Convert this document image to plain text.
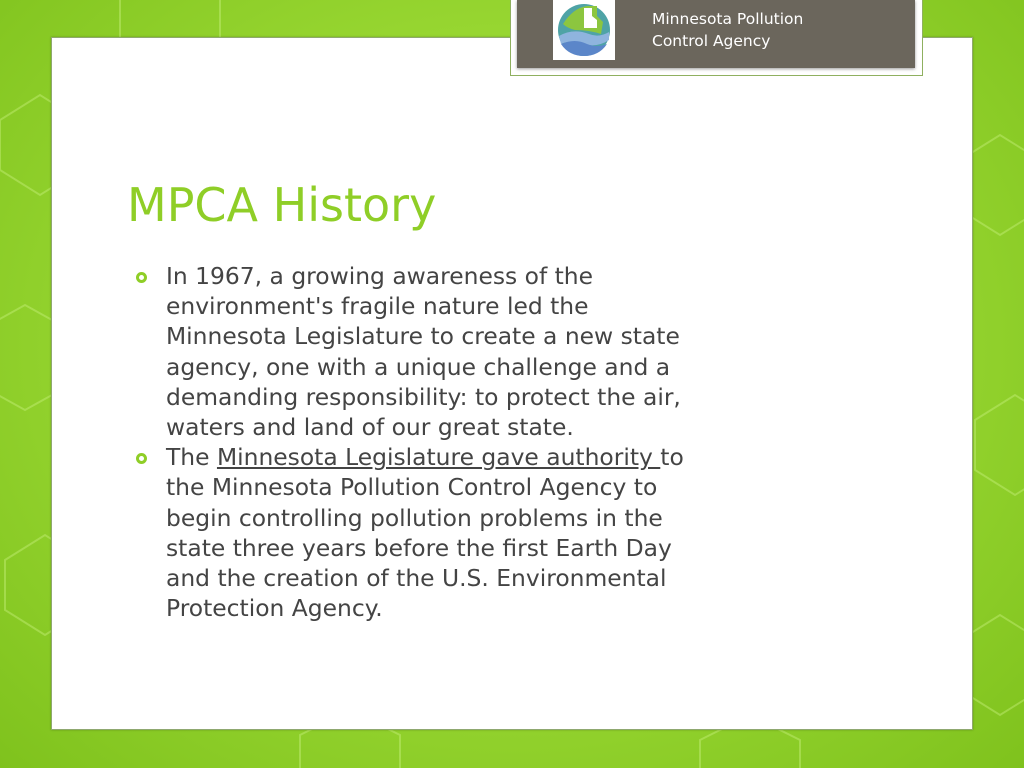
Minnesota Pollution
Control Agency
MPCA History
In 1967, a growing awareness of the
environment's fragile nature led the
Minnesota Legislature to create a new state
agency, one with a unique challenge and a
demanding responsibility: to protect the air,
waters and land of our great state.
The Minnesota Legislature gave authority to
the Minnesota Pollution Control Agency to
begin controlling pollution problems in the
state three years before the first Earth Day
and the creation of the U.S. Environmental
Protection Agency.
